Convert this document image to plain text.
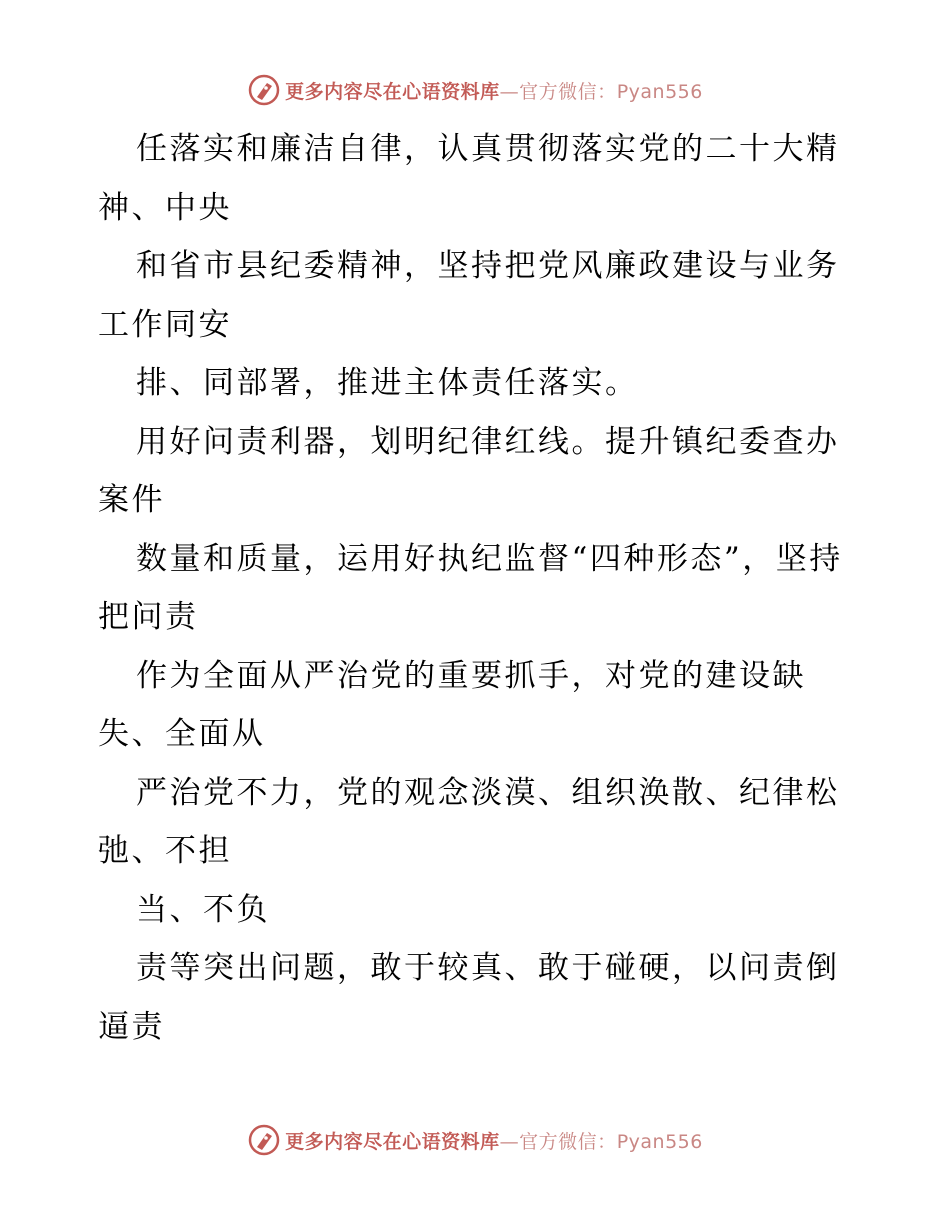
更多内容尽在心语资料库—官方微信：Pyan556

任落实和廉洁自律，认真贯彻落实党的二十大精神、中央

和省市县纪委精神，坚持把党风廉政建设与业务工作同安

排、同部署，推进主体责任落实。

用好问责利器，划明纪律红线。提升镇纪委查办案件

数量和质量，运用好执纪监督“四种形态”，坚持把问责

作为全面从严治党的重要抓手，对党的建设缺失、全面从

严治党不力，党的观念淡漠、组织涣散、纪律松弛、不担

当、不负

责等突出问题，敢于较真、敢于碰硬，以问责倒逼责

更多内容尽在心语资料库—官方微信：Pyan556
